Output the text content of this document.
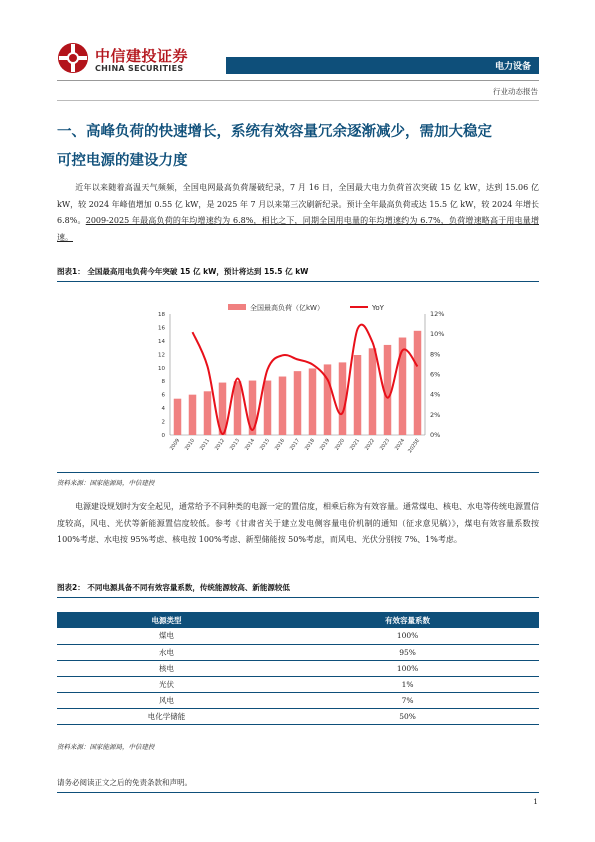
中信建投证券
CHINA SECURITIES	电力设备
行业动态报告
一、高峰负荷的快速增长，系统有效容量冗余逐渐减少，需加大稳定
可控电源的建设力度
近年以来随着高温天气频频，全国电网最高负荷屡破纪录，7 月 16 日，全国最大电力负荷首次突破 15 亿 kW，达到 15.06 亿 kW，较 2024 年峰值增加 0.55 亿 kW，是 2025 年 7 月以来第三次刷新纪录。预计全年最高负荷或达 15.5 亿 kW，较 2024 年增长 6.8%。2009-2025 年最高负荷的年均增速约为 6.8%，相比之下，同期全国用电量的年均增速约为 6.7%，负荷增速略高于用电量增速。
图表1： 全国最高用电负荷今年突破 15 亿 kW，预计将达到 15.5 亿 kW
0
2
4
6
8
10
12
14
16
18
0%
2%
4%
6%
8%
10%
12%
2009 2010 2011 2012 2013 2014 2015 2016 2017 2018 2019 2020 2021 2022 2023 2024 2025E
全国最高负荷（亿kW）	YoY
资料来源：国家能源局，中信建投
电源建设规划时为安全起见，通常给予不同种类的电源一定的置信度，相乘后称为有效容量。通常煤电、核电、水电等传统电源置信度较高，风电、光伏等新能源置信度较低。参考《甘肃省关于建立发电侧容量电价机制的通知（征求意见稿）》，煤电有效容量系数按 100%考虑、水电按 95%考虑、核电按 100%考虑、新型储能按 50%考虑，而风电、光伏分别按 7%、1%考虑。
图表2： 不同电源具备不同有效容量系数，传统能源较高、新能源较低
电源类型	有效容量系数
煤电	100%
水电	95%
核电	100%
光伏	1%
风电	7%
电化学储能	50%
资料来源：国家能源局，中信建投
请务必阅读正文之后的免责条款和声明。
1
